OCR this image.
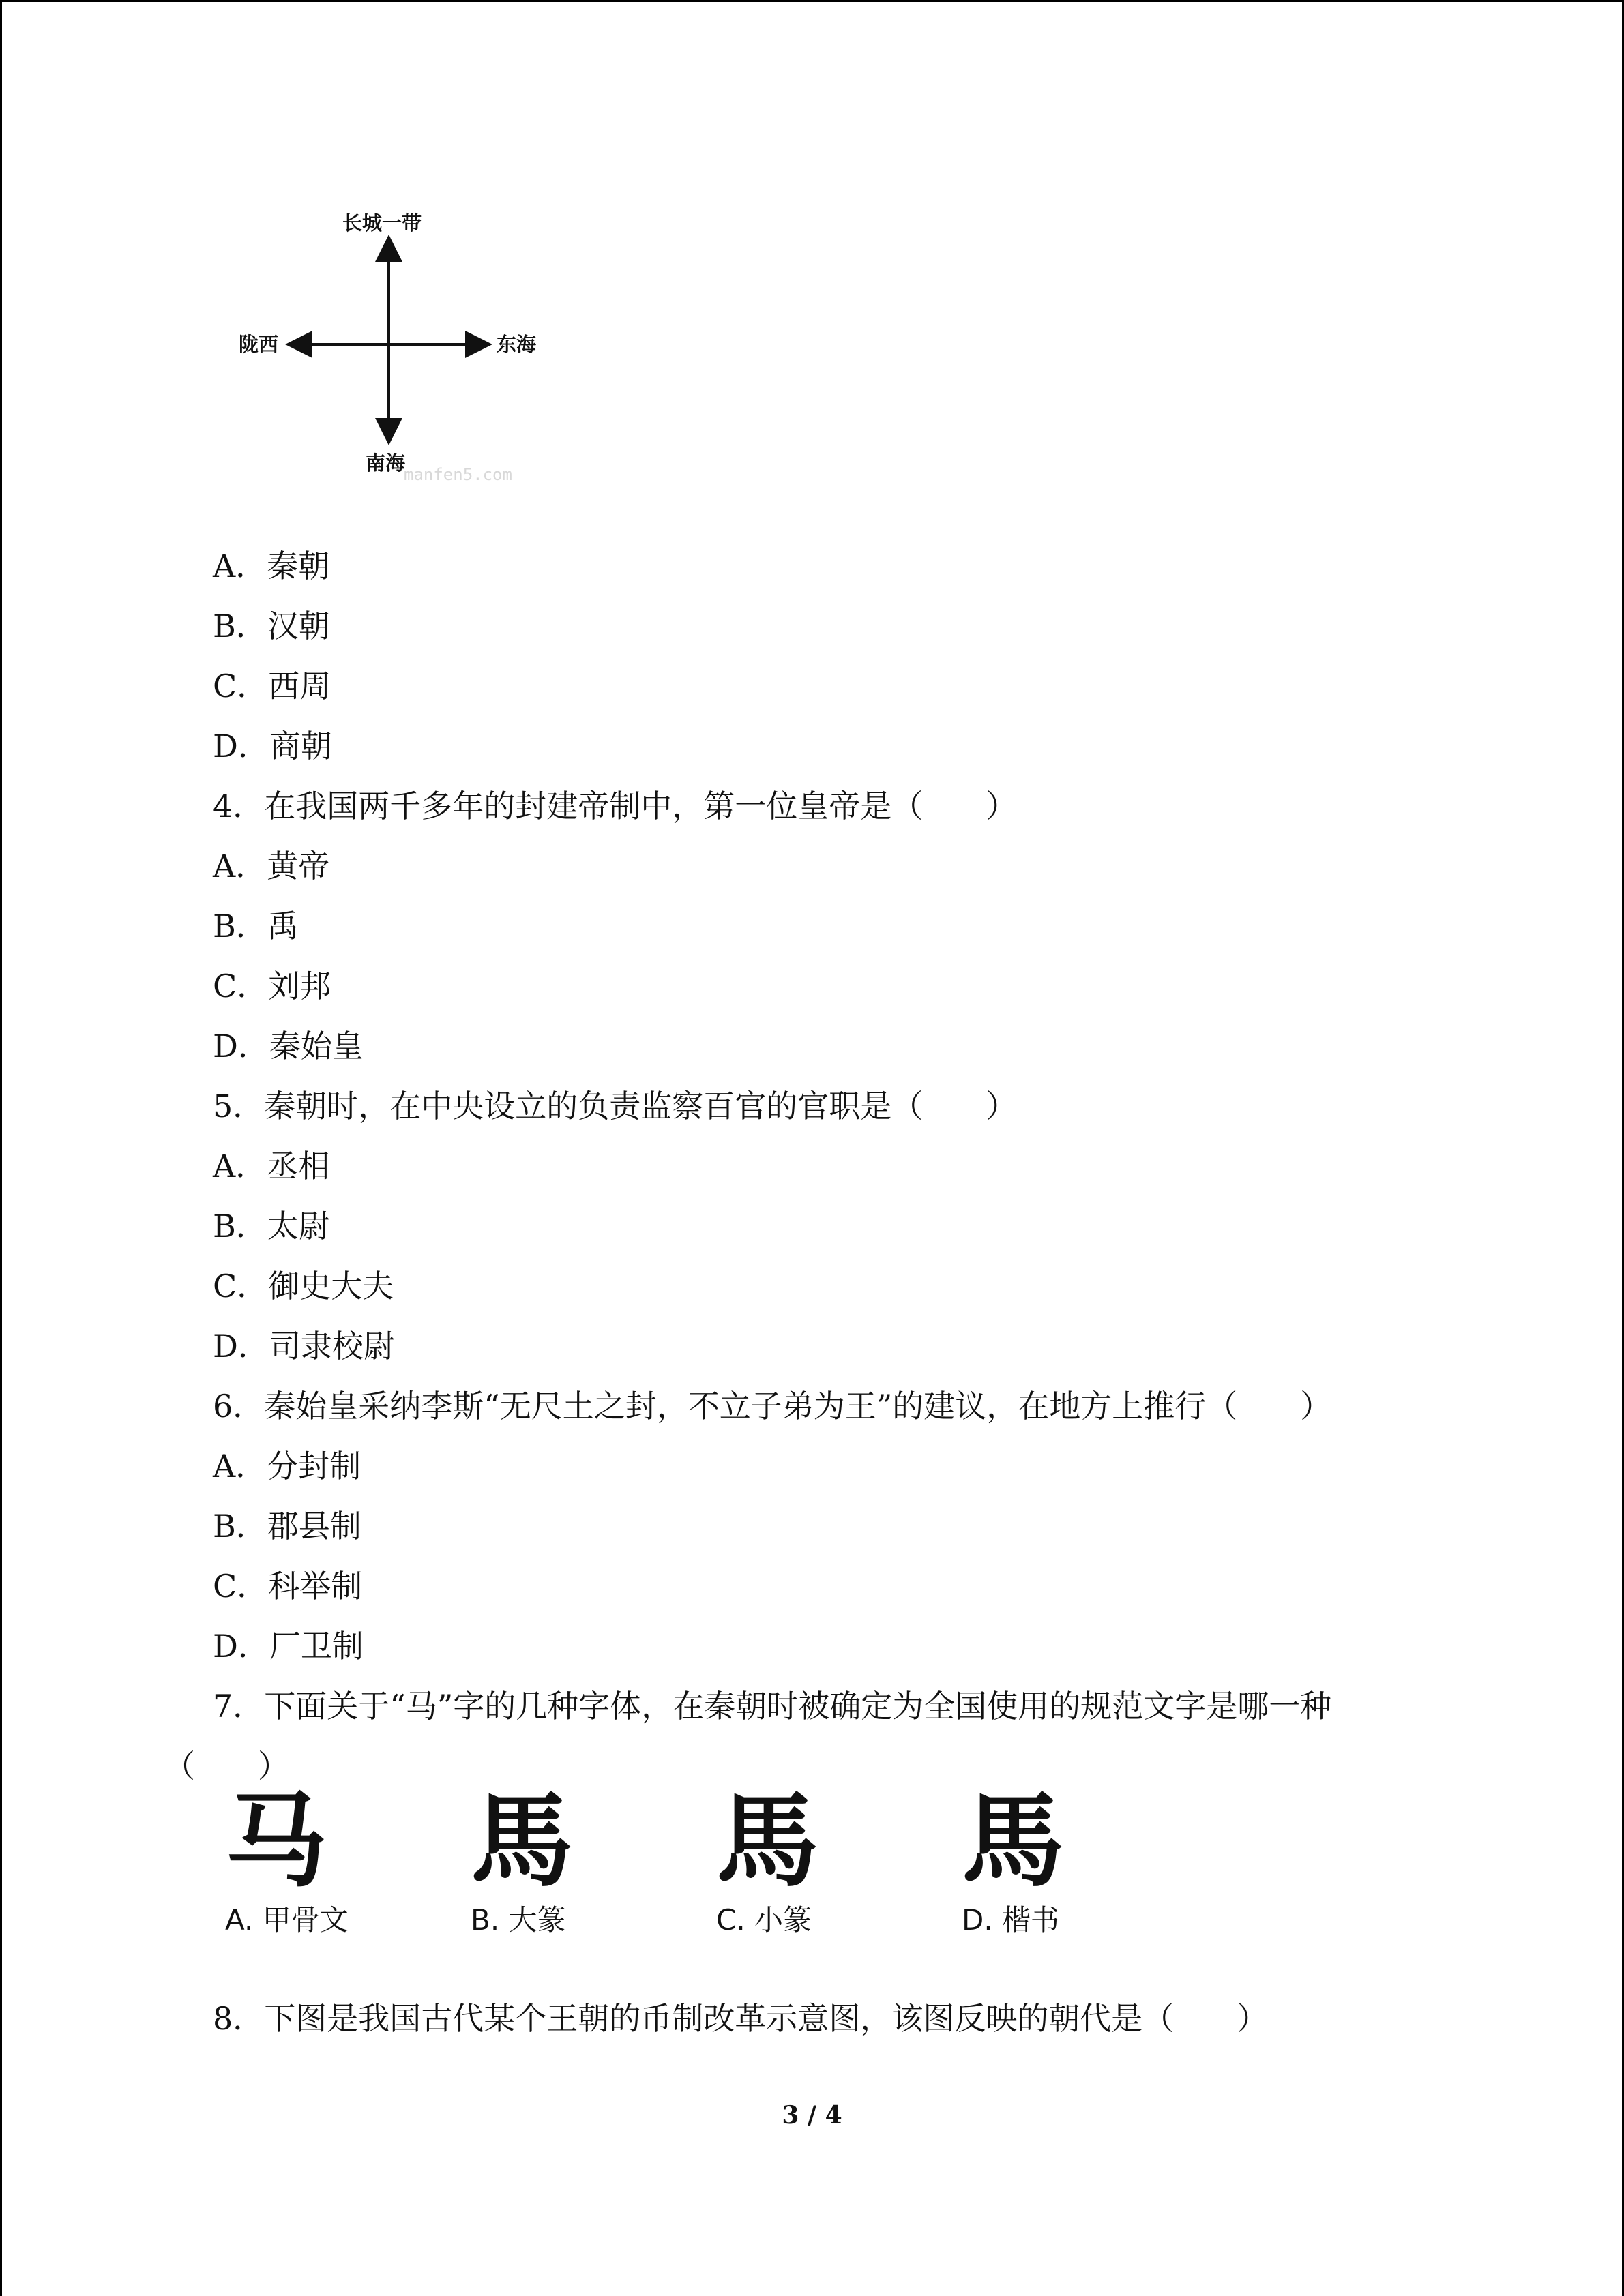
长城一带
陇西	东海
南海
manfen5.com
A．秦朝
B．汉朝
C．西周
D．商朝
4．在我国两千多年的封建帝制中，第一位皇帝是（　　）
A．黄帝
B．禹
C．刘邦
D．秦始皇
5．秦朝时，在中央设立的负责监察百官的官职是（　　）
A．丞相
B．太尉
C．御史大夫
D．司隶校尉
6．秦始皇采纳李斯“无尺土之封，不立子弟为王”的建议，在地方上推行（　　）
A．分封制
B．郡县制
C．科举制
D．厂卫制
7．下面关于“马”字的几种字体，在秦朝时被确定为全国使用的规范文字是哪一种
（　　）
马
A. 甲骨文
馬
B. 大篆
馬
C. 小篆
馬
D. 楷书
8．下图是我国古代某个王朝的币制改革示意图，该图反映的朝代是（　　）
3 / 4
